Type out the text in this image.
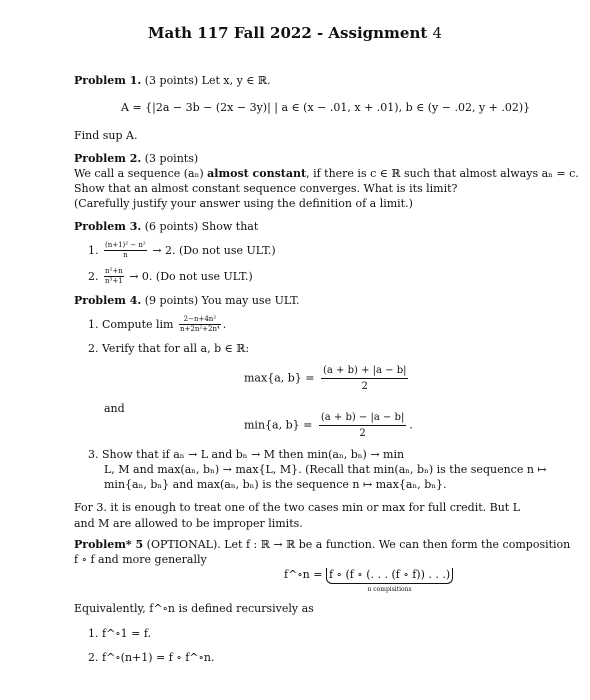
Math 117 Fall 2022 - Assignment 4
Problem 1. (3 points) Let x, y ∈ ℝ.
A = {|2a − 3b − (2x − 3y)| | a ∈ (x − .01, x + .01), b ∈ (y − .02, y + .02)}
Find sup A.
Problem 2. (3 points)
We call a sequence (aₙ) almost constant, if there is c ∈ ℝ such that almost always aₙ = c.
Show that an almost constant sequence converges. What is its limit?
(Carefully justify your answer using the definition of a limit.)
Problem 3. (6 points) Show that
1. $\frac{\text{(n+1)² − n²}}{n} \to 2$. (Do not use ULT.)
2. $\frac{\text{n²+n}}{\text{n³+1}} \to 0$. (Do not use ULT.)
Problem 4. (9 points) You may use ULT.
1. Compute $\lim \frac{\text{2−n+4n²}}{\text{n+2n²+2n⁴}}$ .
2. Verify that for all a, b ∈ ℝ:
max{a, $b\} = \frac{(a + b) + |a - b|}{2}$
and
min{a, $b\} = \frac{(a + b) - |a - b|}{2}$ .
3. Show that if aₙ → L and bₙ → M then min(aₙ, bₙ) → min
L, M and max(aₙ, bₙ) → max{L, M}. (Recall that min(aₙ, bₙ) is the sequence n ↦
min{aₙ, bₙ} and max(aₙ, bₙ) is the sequence n ↦ max{aₙ, bₙ}.
For 3. it is enough to treat one of the two cases min or max for full credit. But L and M are allowed to be improper limits.
Problem* 5 (OPTIONAL). Let f : ℝ → ℝ be a function. We can then form the composition
f ∘ f and more generally
f^∘n = f ∘ (f ∘ (. . . (f ∘ f)) . . .)
n compisitions
Equivalently, f^∘n is defined recursively as
1. f^∘1 = f.
2. f^∘(n+1) = f ∘ f^∘n.
